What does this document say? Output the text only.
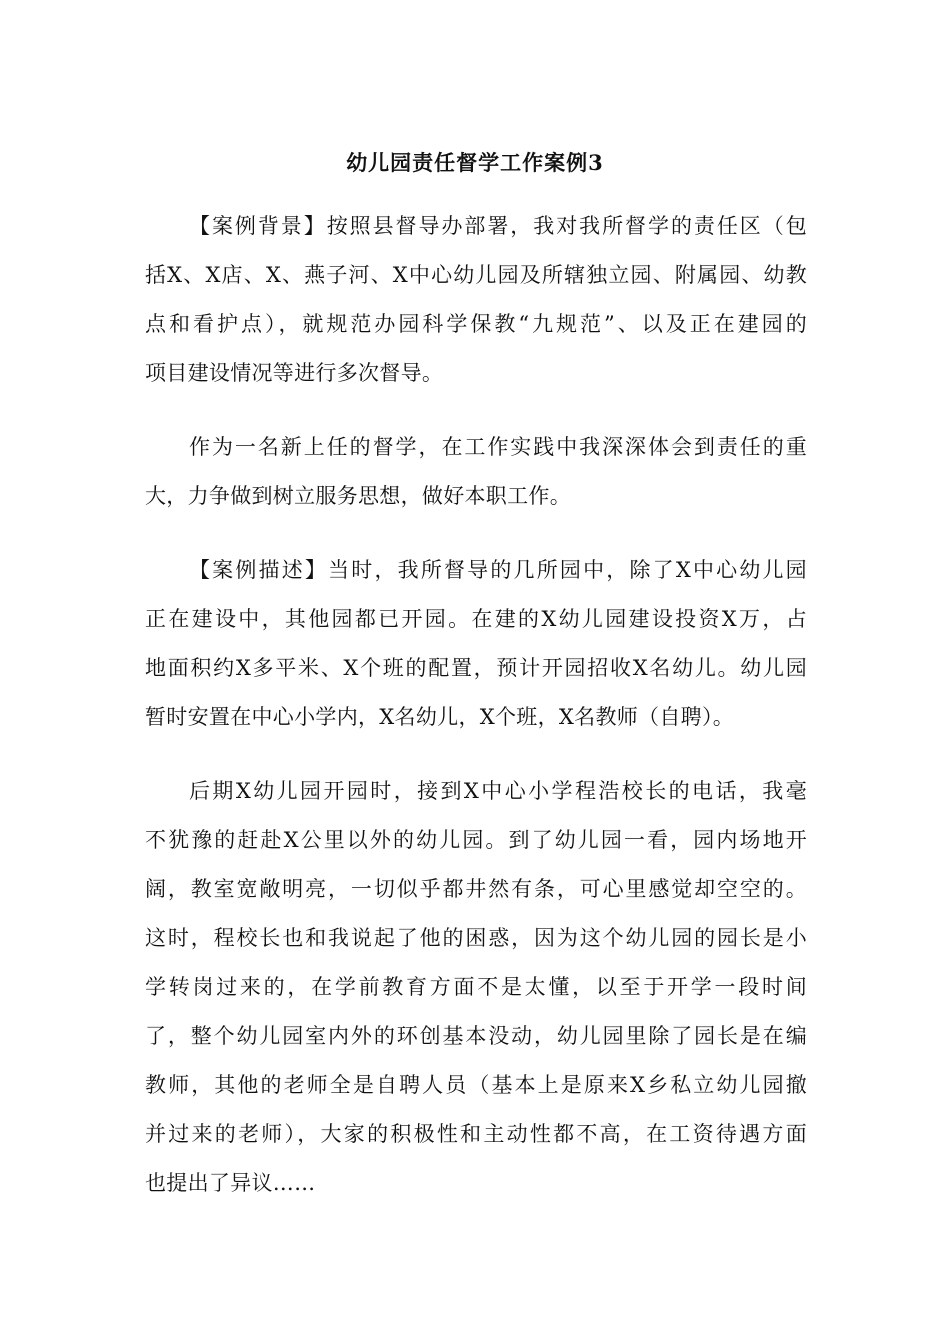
幼儿园责任督学工作案例3
【案例背景】按照县督导办部署，我对我所督学的责任区（包
括X、X店、X、燕子河、X中心幼儿园及所辖独立园、附属园、幼教
点和看护点），就规范办园科学保教“九规范”、以及正在建园的
项目建设情况等进行多次督导。
作为一名新上任的督学，在工作实践中我深深体会到责任的重
大，力争做到树立服务思想，做好本职工作。
【案例描述】当时，我所督导的几所园中，除了X中心幼儿园
正在建设中，其他园都已开园。在建的X幼儿园建设投资X万，占
地面积约X多平米、X个班的配置，预计开园招收X名幼儿。幼儿园
暂时安置在中心小学内，X名幼儿，X个班，X名教师（自聘）。
后期X幼儿园开园时，接到X中心小学程浩校长的电话，我毫
不犹豫的赶赴X公里以外的幼儿园。到了幼儿园一看，园内场地开
阔，教室宽敞明亮，一切似乎都井然有条，可心里感觉却空空的。
这时，程校长也和我说起了他的困惑，因为这个幼儿园的园长是小
学转岗过来的，在学前教育方面不是太懂，以至于开学一段时间
了，整个幼儿园室内外的环创基本没动，幼儿园里除了园长是在编
教师，其他的老师全是自聘人员（基本上是原来X乡私立幼儿园撤
并过来的老师），大家的积极性和主动性都不高，在工资待遇方面
也提出了异议……
